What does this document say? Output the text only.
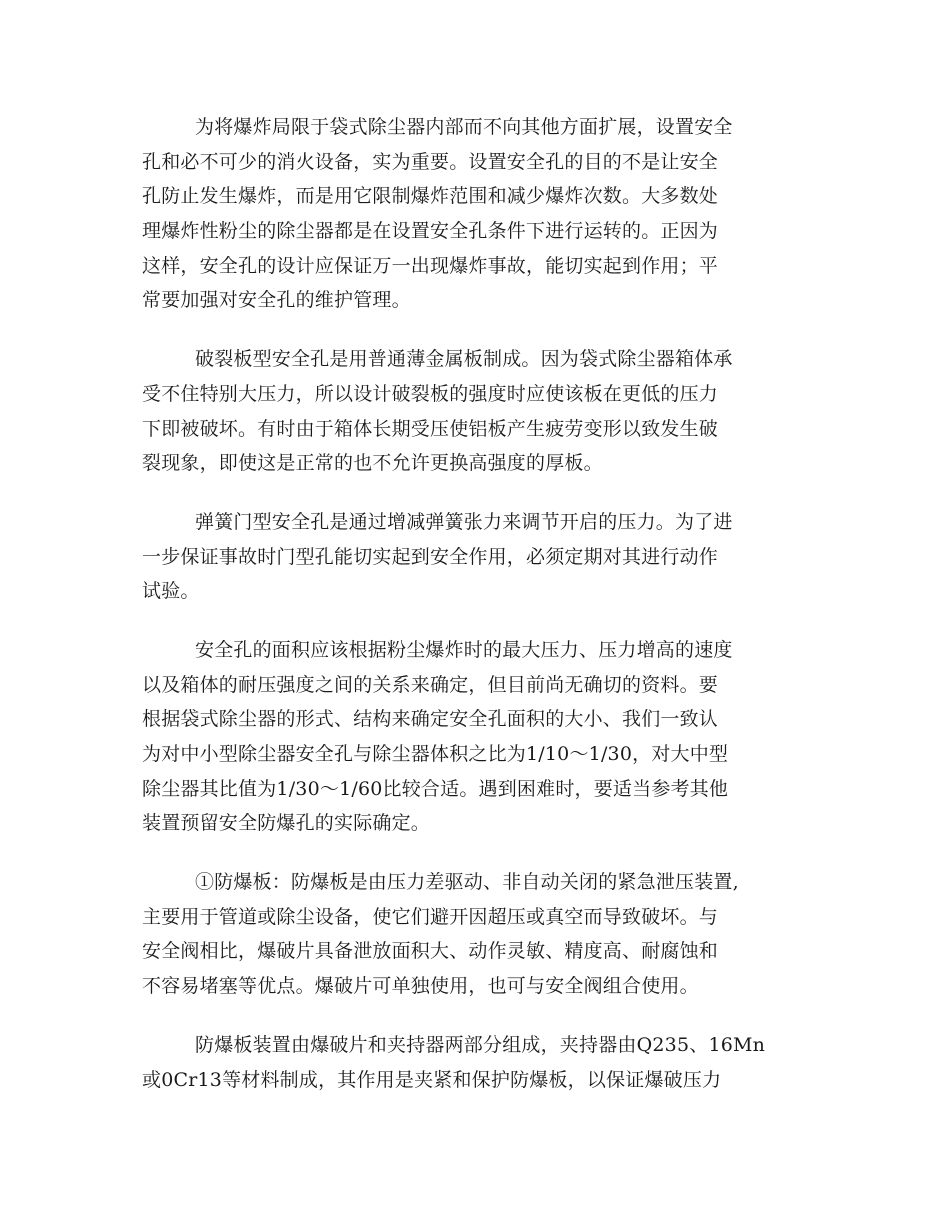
为将爆炸局限于袋式除尘器内部而不向其他方面扩展，设置安全
孔和必不可少的消火设备，实为重要。设置安全孔的目的不是让安全
孔防止发生爆炸，而是用它限制爆炸范围和减少爆炸次数。大多数处
理爆炸性粉尘的除尘器都是在设置安全孔条件下进行运转的。正因为
这样，安全孔的设计应保证万一出现爆炸事故，能切实起到作用；平
常要加强对安全孔的维护管理。
破裂板型安全孔是用普通薄金属板制成。因为袋式除尘器箱体承
受不住特别大压力，所以设计破裂板的强度时应使该板在更低的压力
下即被破坏。有时由于箱体长期受压使铝板产生疲劳变形以致发生破
裂现象，即使这是正常的也不允许更换高强度的厚板。
弹簧门型安全孔是通过增减弹簧张力来调节开启的压力。为了进
一步保证事故时门型孔能切实起到安全作用，必须定期对其进行动作
试验。
安全孔的面积应该根据粉尘爆炸时的最大压力、压力增高的速度
以及箱体的耐压强度之间的关系来确定，但目前尚无确切的资料。要
根据袋式除尘器的形式、结构来确定安全孔面积的大小、我们一致认
为对中小型除尘器安全孔与除尘器体积之比为1/10～1/30，对大中型
除尘器其比值为1/30～1/60比较合适。遇到困难时，要适当参考其他
装置预留安全防爆孔的实际确定。
①防爆板：防爆板是由压力差驱动、非自动关闭的紧急泄压装置,
主要用于管道或除尘设备，使它们避开因超压或真空而导致破坏。与
安全阀相比，爆破片具备泄放面积大、动作灵敏、精度高、耐腐蚀和
不容易堵塞等优点。爆破片可单独使用，也可与安全阀组合使用。
防爆板装置由爆破片和夹持器两部分组成，夹持器由Q235、16Mn
或0Cr13等材料制成，其作用是夹紧和保护防爆板，以保证爆破压力
